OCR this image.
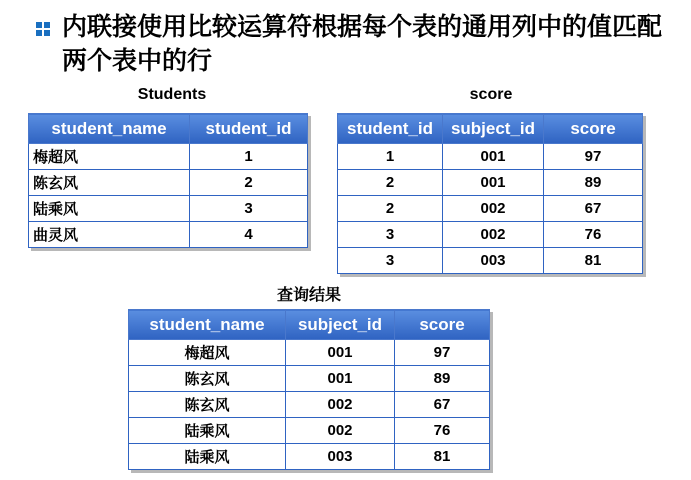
内联接使用比较运算符根据每个表的通用列中的值匹配两个表中的行
Students
student_name	student_id
梅超风	1
陈玄风	2
陆乘风	3
曲灵风	4
score
student_id	subject_id	score
1	001	97
2	001	89
2	002	67
3	002	76
3	003	81
查询结果
student_name	subject_id	score
梅超风	001	97
陈玄风	001	89
陈玄风	002	67
陆乘风	002	76
陆乘风	003	81
